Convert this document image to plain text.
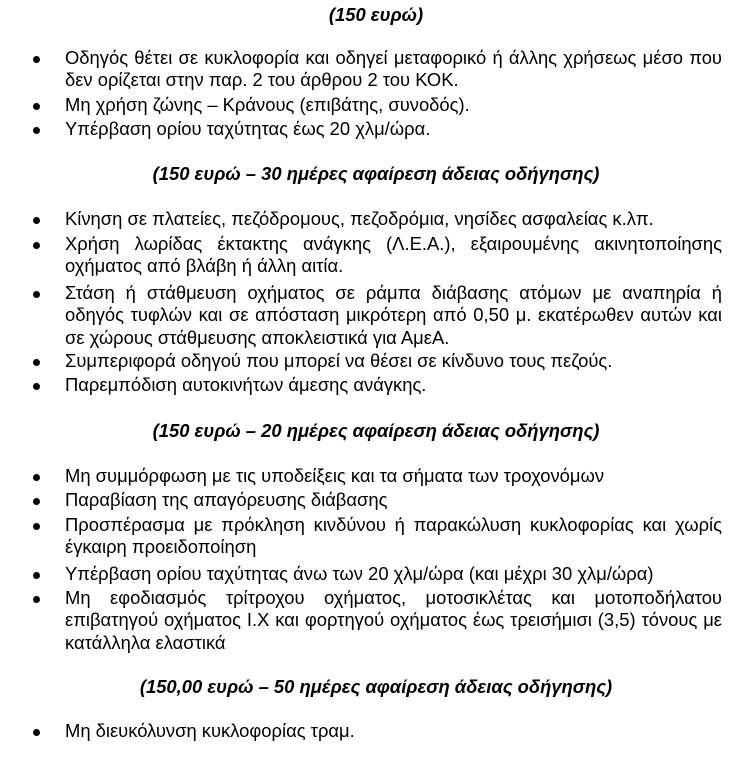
(150 ευρώ)
Οδηγός θέτει σε κυκλοφορία και οδηγεί μεταφορικό ή άλλης χρήσεως μέσο που δεν ορίζεται στην παρ. 2 του άρθρου 2 του ΚΟΚ.
Μη χρήση ζώνης – Κράνους (επιβάτης, συνοδός).
Υπέρβαση ορίου ταχύτητας έως 20 χλμ/ώρα.
(150 ευρώ – 30 ημέρες αφαίρεση άδειας οδήγησης)
Κίνηση σε πλατείες, πεζόδρομους, πεζοδρόμια, νησίδες ασφαλείας κ.λπ.
Χρήση λωρίδας έκτακτης ανάγκης (Λ.Ε.Α.), εξαιρουμένης ακινητοποίησης οχήματος από βλάβη ή άλλη αιτία.
Στάση ή στάθμευση οχήματος σε ράμπα διάβασης ατόμων με αναπηρία ή οδηγός τυφλών και σε απόσταση μικρότερη από 0,50 μ. εκατέρωθεν αυτών και σε χώρους στάθμευσης αποκλειστικά για ΑμεΑ.
Συμπεριφορά οδηγού που μπορεί να θέσει σε κίνδυνο τους πεζούς.
Παρεμπόδιση αυτοκινήτων άμεσης ανάγκης.
(150 ευρώ – 20 ημέρες αφαίρεση άδειας οδήγησης)
Μη συμμόρφωση με τις υποδείξεις και τα σήματα των τροχονόμων
Παραβίαση της απαγόρευσης διάβασης
Προσπέρασμα με πρόκληση κινδύνου ή παρακώλυση κυκλοφορίας και χωρίς έγκαιρη προειδοποίηση
Υπέρβαση ορίου ταχύτητας άνω των 20 χλμ/ώρα (και μέχρι 30 χλμ/ώρα)
Μη εφοδιασμός τρίτροχου οχήματος, μοτοσικλέτας και μοτοποδήλατου επιβατηγού οχήματος Ι.Χ και φορτηγού οχήματος έως τρεισήμισι (3,5) τόνους με κατάλληλα ελαστικά
(150,00 ευρώ – 50 ημέρες αφαίρεση άδειας οδήγησης)
Μη διευκόλυνση κυκλοφορίας τραμ.
